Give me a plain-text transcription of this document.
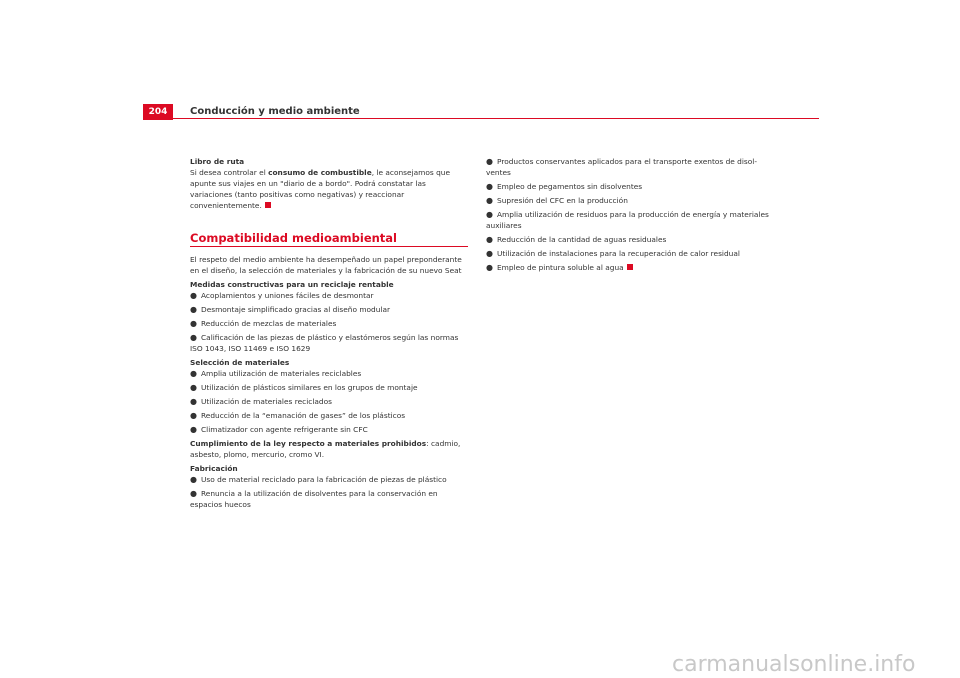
204	Conducción y medio ambiente

Libro de ruta

Si desea controlar el consumo de combustible, le aconsejamos que apunte sus viajes en un "diario de a bordo". Podrá constatar las variaciones (tanto positivas como negativas) y reaccionar convenientemente.

Compatibilidad medioambiental

El respeto del medio ambiente ha desempeñado un papel preponderante en el diseño, la selección de materiales y la fabricación de su nuevo Seat

Medidas constructivas para un reciclaje rentable

● Acoplamientos y uniones fáciles de desmontar
● Desmontaje simplificado gracias al diseño modular
● Reducción de mezclas de materiales
● Calificación de las piezas de plástico y elastómeros según las normas ISO 1043, ISO 11469 e ISO 1629

Selección de materiales

● Amplia utilización de materiales reciclables
● Utilización de plásticos similares en los grupos de montaje
● Utilización de materiales reciclados
● Reducción de la “emanación de gases” de los plásticos
● Climatizador con agente refrigerante sin CFC

Cumplimiento de la ley respecto a materiales prohibidos: cadmio, asbesto, plomo, mercurio, cromo VI.

Fabricación

● Uso de material reciclado para la fabricación de piezas de plástico
● Renuncia a la utilización de disolventes para la conservación en espacios huecos
● Productos conservantes aplicados para el transporte exentos de disol-ventes
● Empleo de pegamentos sin disolventes
● Supresión del CFC en la producción
● Amplia utilización de residuos para la producción de energía y materiales auxiliares
● Reducción de la cantidad de aguas residuales
● Utilización de instalaciones para la recuperación de calor residual
● Empleo de pintura soluble al agua
carmanualsonline.info
